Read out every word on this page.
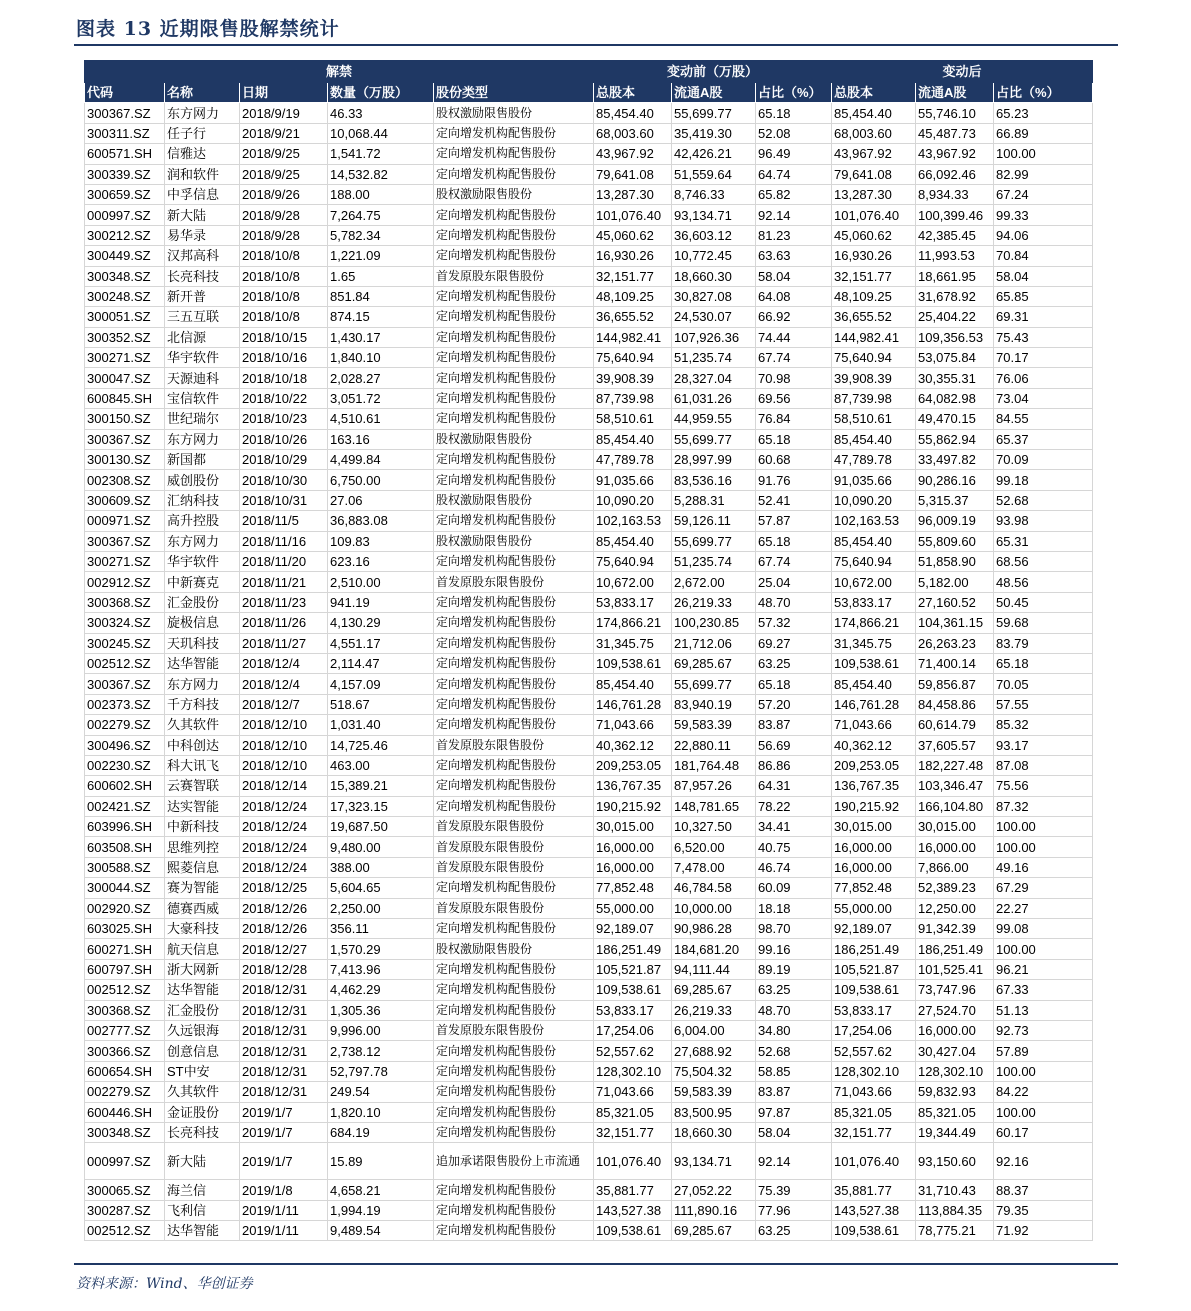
图表 13 近期限售股解禁统计
解禁					变动前（万股）			变动后		
代码	名称	日期	数量（万股）	股份类型	总股本	流通A股	占比（%）	总股本	流通A股	占比（%）
300367.SZ	东方网力	2018/9/19	46.33	股权激励限售股份	85,454.40	55,699.77	65.18	85,454.40	55,746.10	65.23
300311.SZ	任子行	2018/9/21	10,068.44	定向增发机构配售股份	68,003.60	35,419.30	52.08	68,003.60	45,487.73	66.89
600571.SH	信雅达	2018/9/25	1,541.72	定向增发机构配售股份	43,967.92	42,426.21	96.49	43,967.92	43,967.92	100.00
300339.SZ	润和软件	2018/9/25	14,532.82	定向增发机构配售股份	79,641.08	51,559.64	64.74	79,641.08	66,092.46	82.99
300659.SZ	中孚信息	2018/9/26	188.00	股权激励限售股份	13,287.30	8,746.33	65.82	13,287.30	8,934.33	67.24
000997.SZ	新大陆	2018/9/28	7,264.75	定向增发机构配售股份	101,076.40	93,134.71	92.14	101,076.40	100,399.46	99.33
300212.SZ	易华录	2018/9/28	5,782.34	定向增发机构配售股份	45,060.62	36,603.12	81.23	45,060.62	42,385.45	94.06
300449.SZ	汉邦高科	2018/10/8	1,221.09	定向增发机构配售股份	16,930.26	10,772.45	63.63	16,930.26	11,993.53	70.84
300348.SZ	长亮科技	2018/10/8	1.65	首发原股东限售股份	32,151.77	18,660.30	58.04	32,151.77	18,661.95	58.04
300248.SZ	新开普	2018/10/8	851.84	定向增发机构配售股份	48,109.25	30,827.08	64.08	48,109.25	31,678.92	65.85
300051.SZ	三五互联	2018/10/8	874.15	定向增发机构配售股份	36,655.52	24,530.07	66.92	36,655.52	25,404.22	69.31
300352.SZ	北信源	2018/10/15	1,430.17	定向增发机构配售股份	144,982.41	107,926.36	74.44	144,982.41	109,356.53	75.43
300271.SZ	华宇软件	2018/10/16	1,840.10	定向增发机构配售股份	75,640.94	51,235.74	67.74	75,640.94	53,075.84	70.17
300047.SZ	天源迪科	2018/10/18	2,028.27	定向增发机构配售股份	39,908.39	28,327.04	70.98	39,908.39	30,355.31	76.06
600845.SH	宝信软件	2018/10/22	3,051.72	定向增发机构配售股份	87,739.98	61,031.26	69.56	87,739.98	64,082.98	73.04
300150.SZ	世纪瑞尔	2018/10/23	4,510.61	定向增发机构配售股份	58,510.61	44,959.55	76.84	58,510.61	49,470.15	84.55
300367.SZ	东方网力	2018/10/26	163.16	股权激励限售股份	85,454.40	55,699.77	65.18	85,454.40	55,862.94	65.37
300130.SZ	新国都	2018/10/29	4,499.84	定向增发机构配售股份	47,789.78	28,997.99	60.68	47,789.78	33,497.82	70.09
002308.SZ	威创股份	2018/10/30	6,750.00	定向增发机构配售股份	91,035.66	83,536.16	91.76	91,035.66	90,286.16	99.18
300609.SZ	汇纳科技	2018/10/31	27.06	股权激励限售股份	10,090.20	5,288.31	52.41	10,090.20	5,315.37	52.68
000971.SZ	高升控股	2018/11/5	36,883.08	定向增发机构配售股份	102,163.53	59,126.11	57.87	102,163.53	96,009.19	93.98
300367.SZ	东方网力	2018/11/16	109.83	股权激励限售股份	85,454.40	55,699.77	65.18	85,454.40	55,809.60	65.31
300271.SZ	华宇软件	2018/11/20	623.16	定向增发机构配售股份	75,640.94	51,235.74	67.74	75,640.94	51,858.90	68.56
002912.SZ	中新赛克	2018/11/21	2,510.00	首发原股东限售股份	10,672.00	2,672.00	25.04	10,672.00	5,182.00	48.56
300368.SZ	汇金股份	2018/11/23	941.19	定向增发机构配售股份	53,833.17	26,219.33	48.70	53,833.17	27,160.52	50.45
300324.SZ	旋极信息	2018/11/26	4,130.29	定向增发机构配售股份	174,866.21	100,230.85	57.32	174,866.21	104,361.15	59.68
300245.SZ	天玑科技	2018/11/27	4,551.17	定向增发机构配售股份	31,345.75	21,712.06	69.27	31,345.75	26,263.23	83.79
002512.SZ	达华智能	2018/12/4	2,114.47	定向增发机构配售股份	109,538.61	69,285.67	63.25	109,538.61	71,400.14	65.18
300367.SZ	东方网力	2018/12/4	4,157.09	定向增发机构配售股份	85,454.40	55,699.77	65.18	85,454.40	59,856.87	70.05
002373.SZ	千方科技	2018/12/7	518.67	定向增发机构配售股份	146,761.28	83,940.19	57.20	146,761.28	84,458.86	57.55
002279.SZ	久其软件	2018/12/10	1,031.40	定向增发机构配售股份	71,043.66	59,583.39	83.87	71,043.66	60,614.79	85.32
300496.SZ	中科创达	2018/12/10	14,725.46	首发原股东限售股份	40,362.12	22,880.11	56.69	40,362.12	37,605.57	93.17
002230.SZ	科大讯飞	2018/12/10	463.00	定向增发机构配售股份	209,253.05	181,764.48	86.86	209,253.05	182,227.48	87.08
600602.SH	云赛智联	2018/12/14	15,389.21	定向增发机构配售股份	136,767.35	87,957.26	64.31	136,767.35	103,346.47	75.56
002421.SZ	达实智能	2018/12/24	17,323.15	定向增发机构配售股份	190,215.92	148,781.65	78.22	190,215.92	166,104.80	87.32
603996.SH	中新科技	2018/12/24	19,687.50	首发原股东限售股份	30,015.00	10,327.50	34.41	30,015.00	30,015.00	100.00
603508.SH	思维列控	2018/12/24	9,480.00	首发原股东限售股份	16,000.00	6,520.00	40.75	16,000.00	16,000.00	100.00
300588.SZ	熙菱信息	2018/12/24	388.00	首发原股东限售股份	16,000.00	7,478.00	46.74	16,000.00	7,866.00	49.16
300044.SZ	赛为智能	2018/12/25	5,604.65	定向增发机构配售股份	77,852.48	46,784.58	60.09	77,852.48	52,389.23	67.29
002920.SZ	德赛西威	2018/12/26	2,250.00	首发原股东限售股份	55,000.00	10,000.00	18.18	55,000.00	12,250.00	22.27
603025.SH	大豪科技	2018/12/26	356.11	定向增发机构配售股份	92,189.07	90,986.28	98.70	92,189.07	91,342.39	99.08
600271.SH	航天信息	2018/12/27	1,570.29	股权激励限售股份	186,251.49	184,681.20	99.16	186,251.49	186,251.49	100.00
600797.SH	浙大网新	2018/12/28	7,413.96	定向增发机构配售股份	105,521.87	94,111.44	89.19	105,521.87	101,525.41	96.21
002512.SZ	达华智能	2018/12/31	4,462.29	定向增发机构配售股份	109,538.61	69,285.67	63.25	109,538.61	73,747.96	67.33
300368.SZ	汇金股份	2018/12/31	1,305.36	定向增发机构配售股份	53,833.17	26,219.33	48.70	53,833.17	27,524.70	51.13
002777.SZ	久远银海	2018/12/31	9,996.00	首发原股东限售股份	17,254.06	6,004.00	34.80	17,254.06	16,000.00	92.73
300366.SZ	创意信息	2018/12/31	2,738.12	定向增发机构配售股份	52,557.62	27,688.92	52.68	52,557.62	30,427.04	57.89
600654.SH	ST中安	2018/12/31	52,797.78	定向增发机构配售股份	128,302.10	75,504.32	58.85	128,302.10	128,302.10	100.00
002279.SZ	久其软件	2018/12/31	249.54	定向增发机构配售股份	71,043.66	59,583.39	83.87	71,043.66	59,832.93	84.22
600446.SH	金证股份	2019/1/7	1,820.10	定向增发机构配售股份	85,321.05	83,500.95	97.87	85,321.05	85,321.05	100.00
300348.SZ	长亮科技	2019/1/7	684.19	定向增发机构配售股份	32,151.77	18,660.30	58.04	32,151.77	19,344.49	60.17
000997.SZ	新大陆	2019/1/7	15.89	追加承诺限售股份上市流通	101,076.40	93,134.71	92.14	101,076.40	93,150.60	92.16
300065.SZ	海兰信	2019/1/8	4,658.21	定向增发机构配售股份	35,881.77	27,052.22	75.39	35,881.77	31,710.43	88.37
300287.SZ	飞利信	2019/1/11	1,994.19	定向增发机构配售股份	143,527.38	111,890.16	77.96	143,527.38	113,884.35	79.35
002512.SZ	达华智能	2019/1/11	9,489.54	定向增发机构配售股份	109,538.61	69,285.67	63.25	109,538.61	78,775.21	71.92
资料来源：Wind、华创证券
